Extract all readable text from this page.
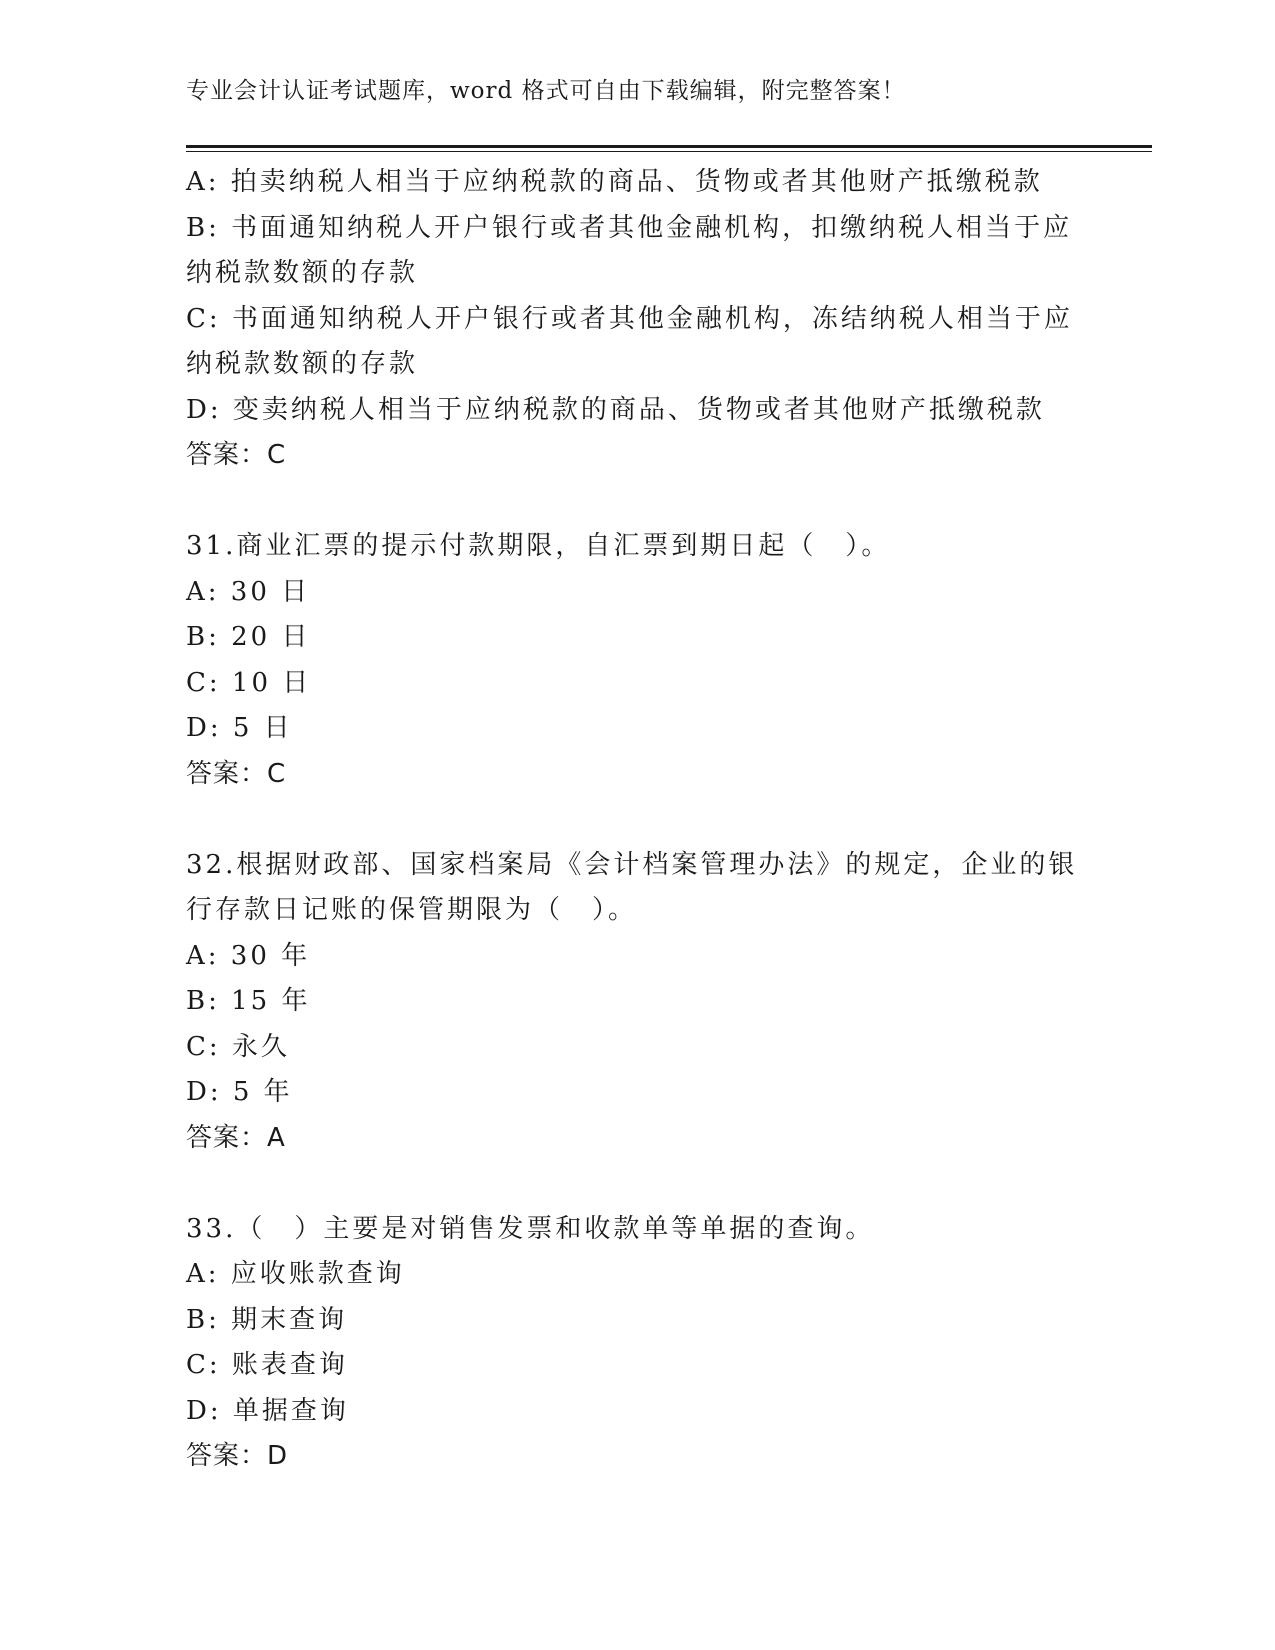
专业会计认证考试题库，word 格式可自由下载编辑，附完整答案！
A: 拍卖纳税人相当于应纳税款的商品、货物或者其他财产抵缴税款
B: 书面通知纳税人开户银行或者其他金融机构，扣缴纳税人相当于应
纳税款数额的存款
C: 书面通知纳税人开户银行或者其他金融机构，冻结纳税人相当于应
纳税款数额的存款
D: 变卖纳税人相当于应纳税款的商品、货物或者其他财产抵缴税款
答案：C
31.商业汇票的提示付款期限，自汇票到期日起（　）。
A: 30 日
B: 20 日
C: 10 日
D: 5 日
答案：C
32.根据财政部、国家档案局《会计档案管理办法》的规定，企业的银
行存款日记账的保管期限为（　）。
A: 30 年
B: 15 年
C: 永久
D: 5 年
答案：A
33.（　）主要是对销售发票和收款单等单据的查询。
A: 应收账款查询
B: 期末查询
C: 账表查询
D: 单据查询
答案：D
